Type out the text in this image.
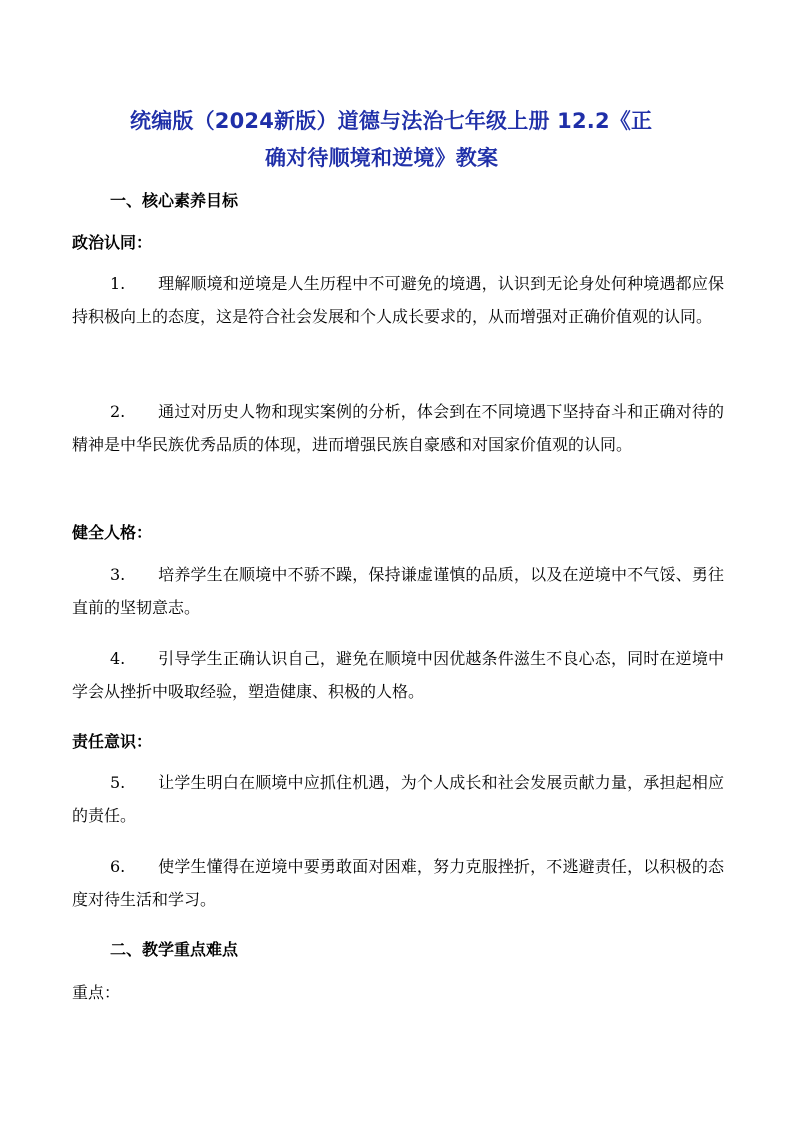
统编版（2024新版）道德与法治七年级上册 12.2《正
确对待顺境和逆境》教案
一、核心素养目标
政治认同：
1. 理解顺境和逆境是人生历程中不可避免的境遇，认识到无论身处何种境遇都应保持积极向上的态度，这是符合社会发展和个人成长要求的，从而增强对正确价值观的认同。
2. 通过对历史人物和现实案例的分析，体会到在不同境遇下坚持奋斗和正确对待的精神是中华民族优秀品质的体现，进而增强民族自豪感和对国家价值观的认同。
健全人格：
3. 培养学生在顺境中不骄不躁，保持谦虚谨慎的品质，以及在逆境中不气馁、勇往直前的坚韧意志。
4. 引导学生正确认识自己，避免在顺境中因优越条件滋生不良心态，同时在逆境中学会从挫折中吸取经验，塑造健康、积极的人格。
责任意识：
5. 让学生明白在顺境中应抓住机遇，为个人成长和社会发展贡献力量，承担起相应的责任。
6. 使学生懂得在逆境中要勇敢面对困难，努力克服挫折，不逃避责任，以积极的态度对待生活和学习。
二、教学重点难点
重点：
